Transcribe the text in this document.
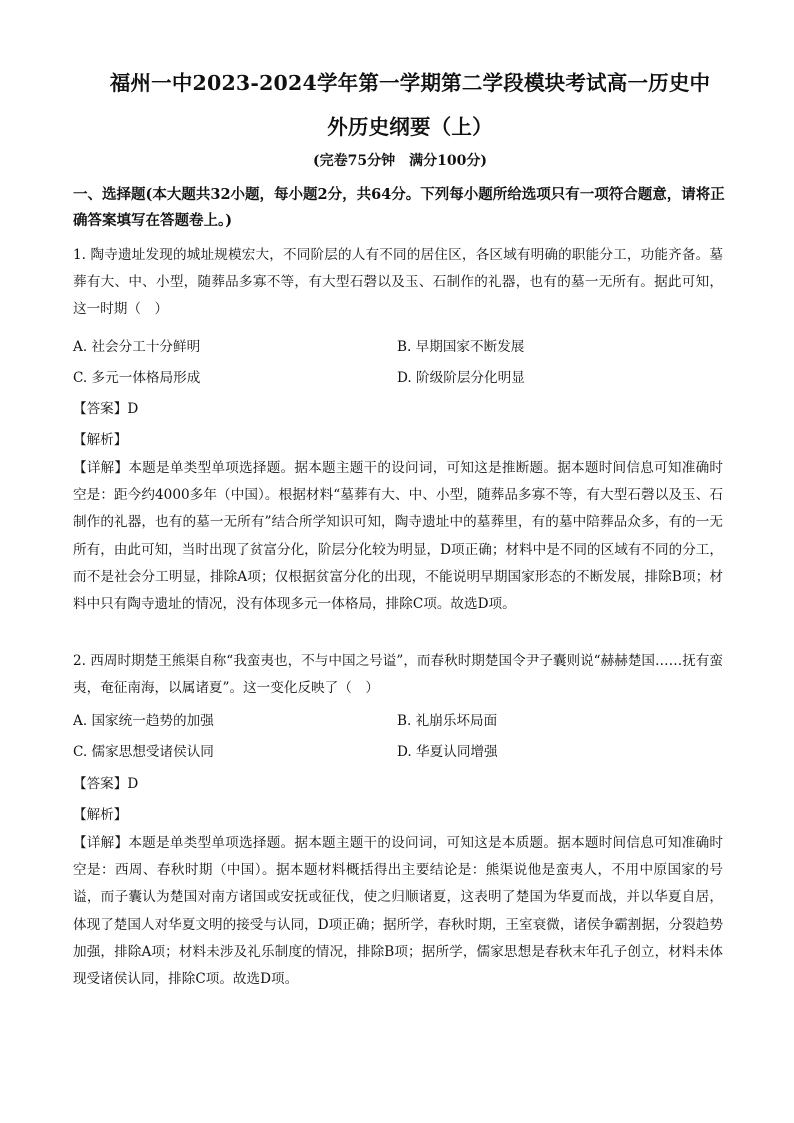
福州一中2023-2024学年第一学期第二学段模块考试高一历史中
外历史纲要（上）
(完卷75分钟　满分100分)
一、选择题(本大题共32小题，每小题2分，共64分。下列每小题所给选项只有一项符合题意，请将正确答案填写在答题卷上。)
1. 陶寺遗址发现的城址规模宏大，不同阶层的人有不同的居住区，各区域有明确的职能分工，功能齐备。墓葬有大、中、小型，随葬品多寡不等，有大型石磬以及玉、石制作的礼器，也有的墓一无所有。据此可知，这一时期（　）
A. 社会分工十分鲜明	B. 早期国家不断发展
C. 多元一体格局形成	D. 阶级阶层分化明显
【答案】D
【解析】
【详解】本题是单类型单项选择题。据本题主题干的设问词，可知这是推断题。据本题时间信息可知准确时空是：距今约4000多年（中国）。根据材料“墓葬有大、中、小型，随葬品多寡不等，有大型石磬以及玉、石制作的礼器，也有的墓一无所有”结合所学知识可知，陶寺遗址中的墓葬里，有的墓中陪葬品众多，有的一无所有，由此可知，当时出现了贫富分化，阶层分化较为明显，D项正确；材料中是不同的区域有不同的分工，而不是社会分工明显，排除A项；仅根据贫富分化的出现，不能说明早期国家形态的不断发展，排除B项；材料中只有陶寺遗址的情况，没有体现多元一体格局，排除C项。故选D项。
2. 西周时期楚王熊渠自称“我蛮夷也，不与中国之号谥”，而春秋时期楚国令尹子囊则说“赫赫楚国……抚有蛮夷，奄征南海，以属诸夏”。这一变化反映了（　）
A. 国家统一趋势的加强	B. 礼崩乐坏局面
C. 儒家思想受诸侯认同	D. 华夏认同增强
【答案】D
【解析】
【详解】本题是单类型单项选择题。据本题主题干的设问词，可知这是本质题。据本题时间信息可知准确时空是：西周、春秋时期（中国）。据本题材料概括得出主要结论是：熊渠说他是蛮夷人，不用中原国家的号谥，而子囊认为楚国对南方诸国或安抚或征伐，使之归顺诸夏，这表明了楚国为华夏而战，并以华夏自居，体现了楚国人对华夏文明的接受与认同，D项正确；据所学，春秋时期，王室衰微，诸侯争霸割据，分裂趋势加强，排除A项；材料未涉及礼乐制度的情况，排除B项；据所学，儒家思想是春秋末年孔子创立，材料未体现受诸侯认同，排除C项。故选D项。
